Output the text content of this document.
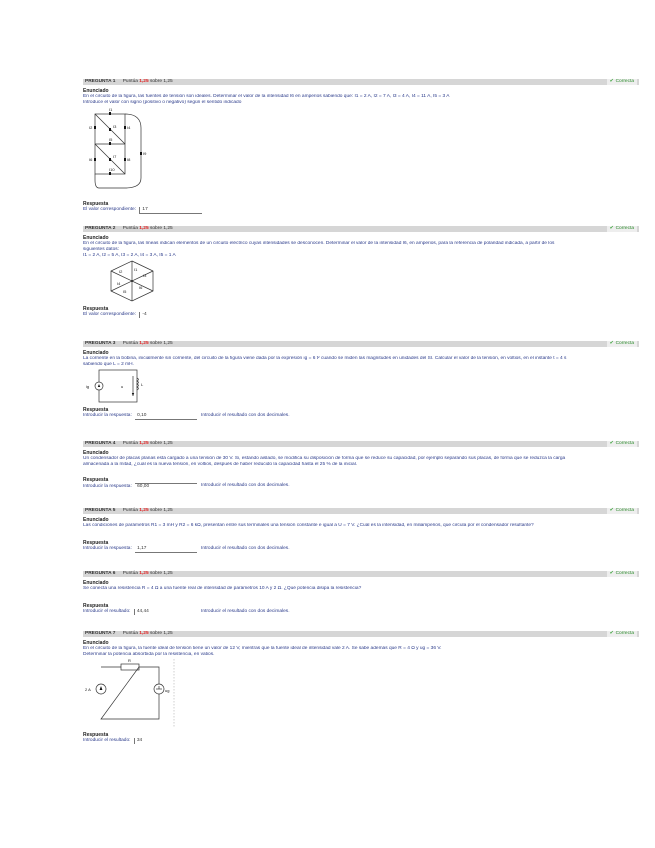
PREGUNTA 1 Puntúa 1,25 sobre 1,25	✔ Correcta
Enunciado
En el circuito de la figura, las fuentes de tensión son ideales. Determinar el valor de la intensidad I6 en amperios sabiendo que: I1 = 2 A, I2 = 7 A, I3 = 4 A, I4 = 11 A, I5 = 3 A
Introduce el valor con signo (positivo o negativo) según el sentido indicado
I1
I2	I3	I4
I5
I6
I7
I8
I9
I10
Respuesta
El valor correspondiente: 17
PREGUNTA 2 Puntúa 1,25 sobre 1,25	✔ Correcta
Enunciado
En el circuito de la figura, las líneas indican elementos de un circuito eléctrico cuyas intensidades se desconocen. Determinar el valor de la intensidad I6, en amperios, para la referencia de polaridad indicada, a partir de los
siguientes datos:
I1 = 2 A, I2 = 5 A, I3 = 2 A, I4 = 3 A, I5 = 1 A
I1
I2
I3
I4
I5
I6
Respuesta
El valor correspondiente: -4
PREGUNTA 3 Puntúa 1,25 sobre 1,25	✔ Correcta
Enunciado
La corriente en la bobina, inicialmente sin corriente, del circuito de la figura viene dada por la expresión ig = 6 t² cuando se miden las magnitudes en unidades del SI. Calcular el valor de la tensión, en voltios, en el instante t = 4 s
sabiendo que L = 2 mH.
ig	u	L
Respuesta
Introducir la respuesta: 0,10	Introducir el resultado con dos decimales.
PREGUNTA 4 Puntúa 1,25 sobre 1,25	✔ Correcta
Enunciado
Un condensador de placas planas está cargado a una tensión de 30 V. Si, estando aislado, se modifica su disposición de forma que se reduce su capacidad, por ejemplo separando sus placas, de forma que se reduzca la carga
almacenada a la mitad, ¿cuál es la nueva tensión, en voltios, después de haber reducido la capacidad hasta el 25 % de la inicial.
Respuesta
Introducir la respuesta: 60,00	Introducir el resultado con dos decimales.
PREGUNTA 5 Puntúa 1,25 sobre 1,25	✔ Correcta
Enunciado
Las condiciones de parámetros R1 = 3 mH y R2 = 6 kΩ, presentan entre sus terminales una tensión constante e igual a U = 7 V. ¿Cuál es la intensidad, en miliamperios, que circula por el condensador resultante?
Respuesta
Introducir la respuesta: 1,17	Introducir el resultado con dos decimales.
PREGUNTA 6 Puntúa 1,25 sobre 1,25	✔ Correcta
Enunciado
Se conecta una resistencia R = 4 Ω a una fuente real de intensidad de parámetros 10 A y 2 Ω. ¿Qué potencia disipa la resistencia?
Respuesta
Introducir el resultado: 44,44	Introducir el resultado con dos decimales.
PREGUNTA 7 Puntúa 1,25 sobre 1,25	✔ Correcta
Enunciado
En el circuito de la figura, la fuente ideal de tensión tiene un valor de 12 V, mientras que la fuente ideal de intensidad vale 2 A. Se sabe además que R = 4 Ω y ug = 36 V.
Determinar la potencia absorbida por la resistencia, en vatios.
2 A
R
ug
Respuesta
Introducir el resultado: 34
